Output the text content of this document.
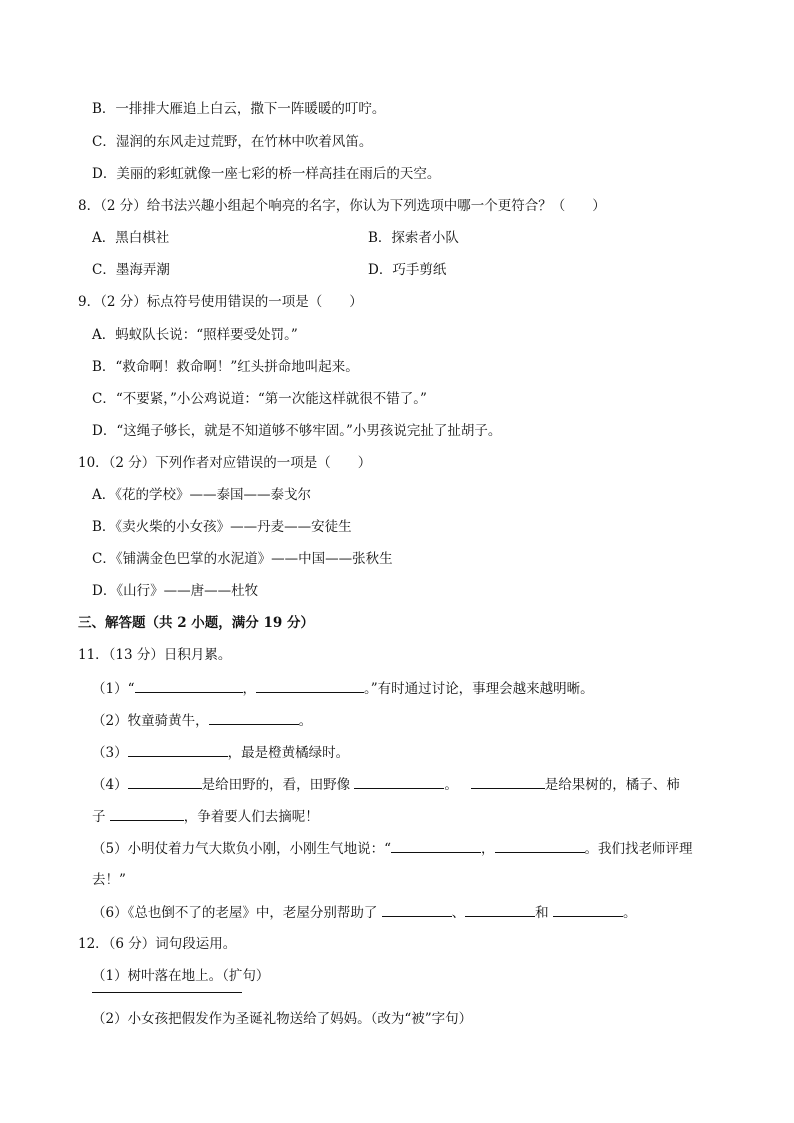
B．一排排大雁追上白云，撒下一阵暖暖的叮咛。
C．湿润的东风走过荒野，在竹林中吹着风笛。
D．美丽的彩虹就像一座七彩的桥一样高挂在雨后的天空。
8．（2 分）给书法兴趣小组起个响亮的名字，你认为下列选项中哪一个更符合？（　　）
A．黑白棋社	B．探索者小队
C．墨海弄潮	D．巧手剪纸
9．（2 分）标点符号使用错误的一项是（　　）
A．蚂蚁队长说：“照样要受处罚。”
B．“救命啊！救命啊！”红头拼命地叫起来。
C．“不要紧，”小公鸡说道：“第一次能这样就很不错了。”
D．“这绳子够长，就是不知道够不够牢固。”小男孩说完扯了扯胡子。
10．（2 分）下列作者对应错误的一项是（　　）
A．《花的学校》——泰国——泰戈尔
B．《卖火柴的小女孩》——丹麦——安徒生
C．《铺满金色巴掌的水泥道》——中国——张秋生
D．《山行》——唐——杜牧
三、解答题（共 2 小题，满分 19 分）
11．（13 分）日积月累。
（1）“	，	。”有时通过讨论，事理会越来越明晰。
（2）牧童骑黄牛，	。
（3）	，最是橙黄橘绿时。
（4）	是给田野的，看，田野像	。	是给果树的，橘子、柿
子	，争着要人们去摘呢！
（5）小明仗着力气大欺负小刚，小刚生气地说：“	，	。我们找老师评理
去！”
（6）《总也倒不了的老屋》中，老屋分别帮助了	、	和	。
12．（6 分）词句段运用。
（1）树叶落在地上。（扩句）
（2）小女孩把假发作为圣诞礼物送给了妈妈。（改为“被”字句）
